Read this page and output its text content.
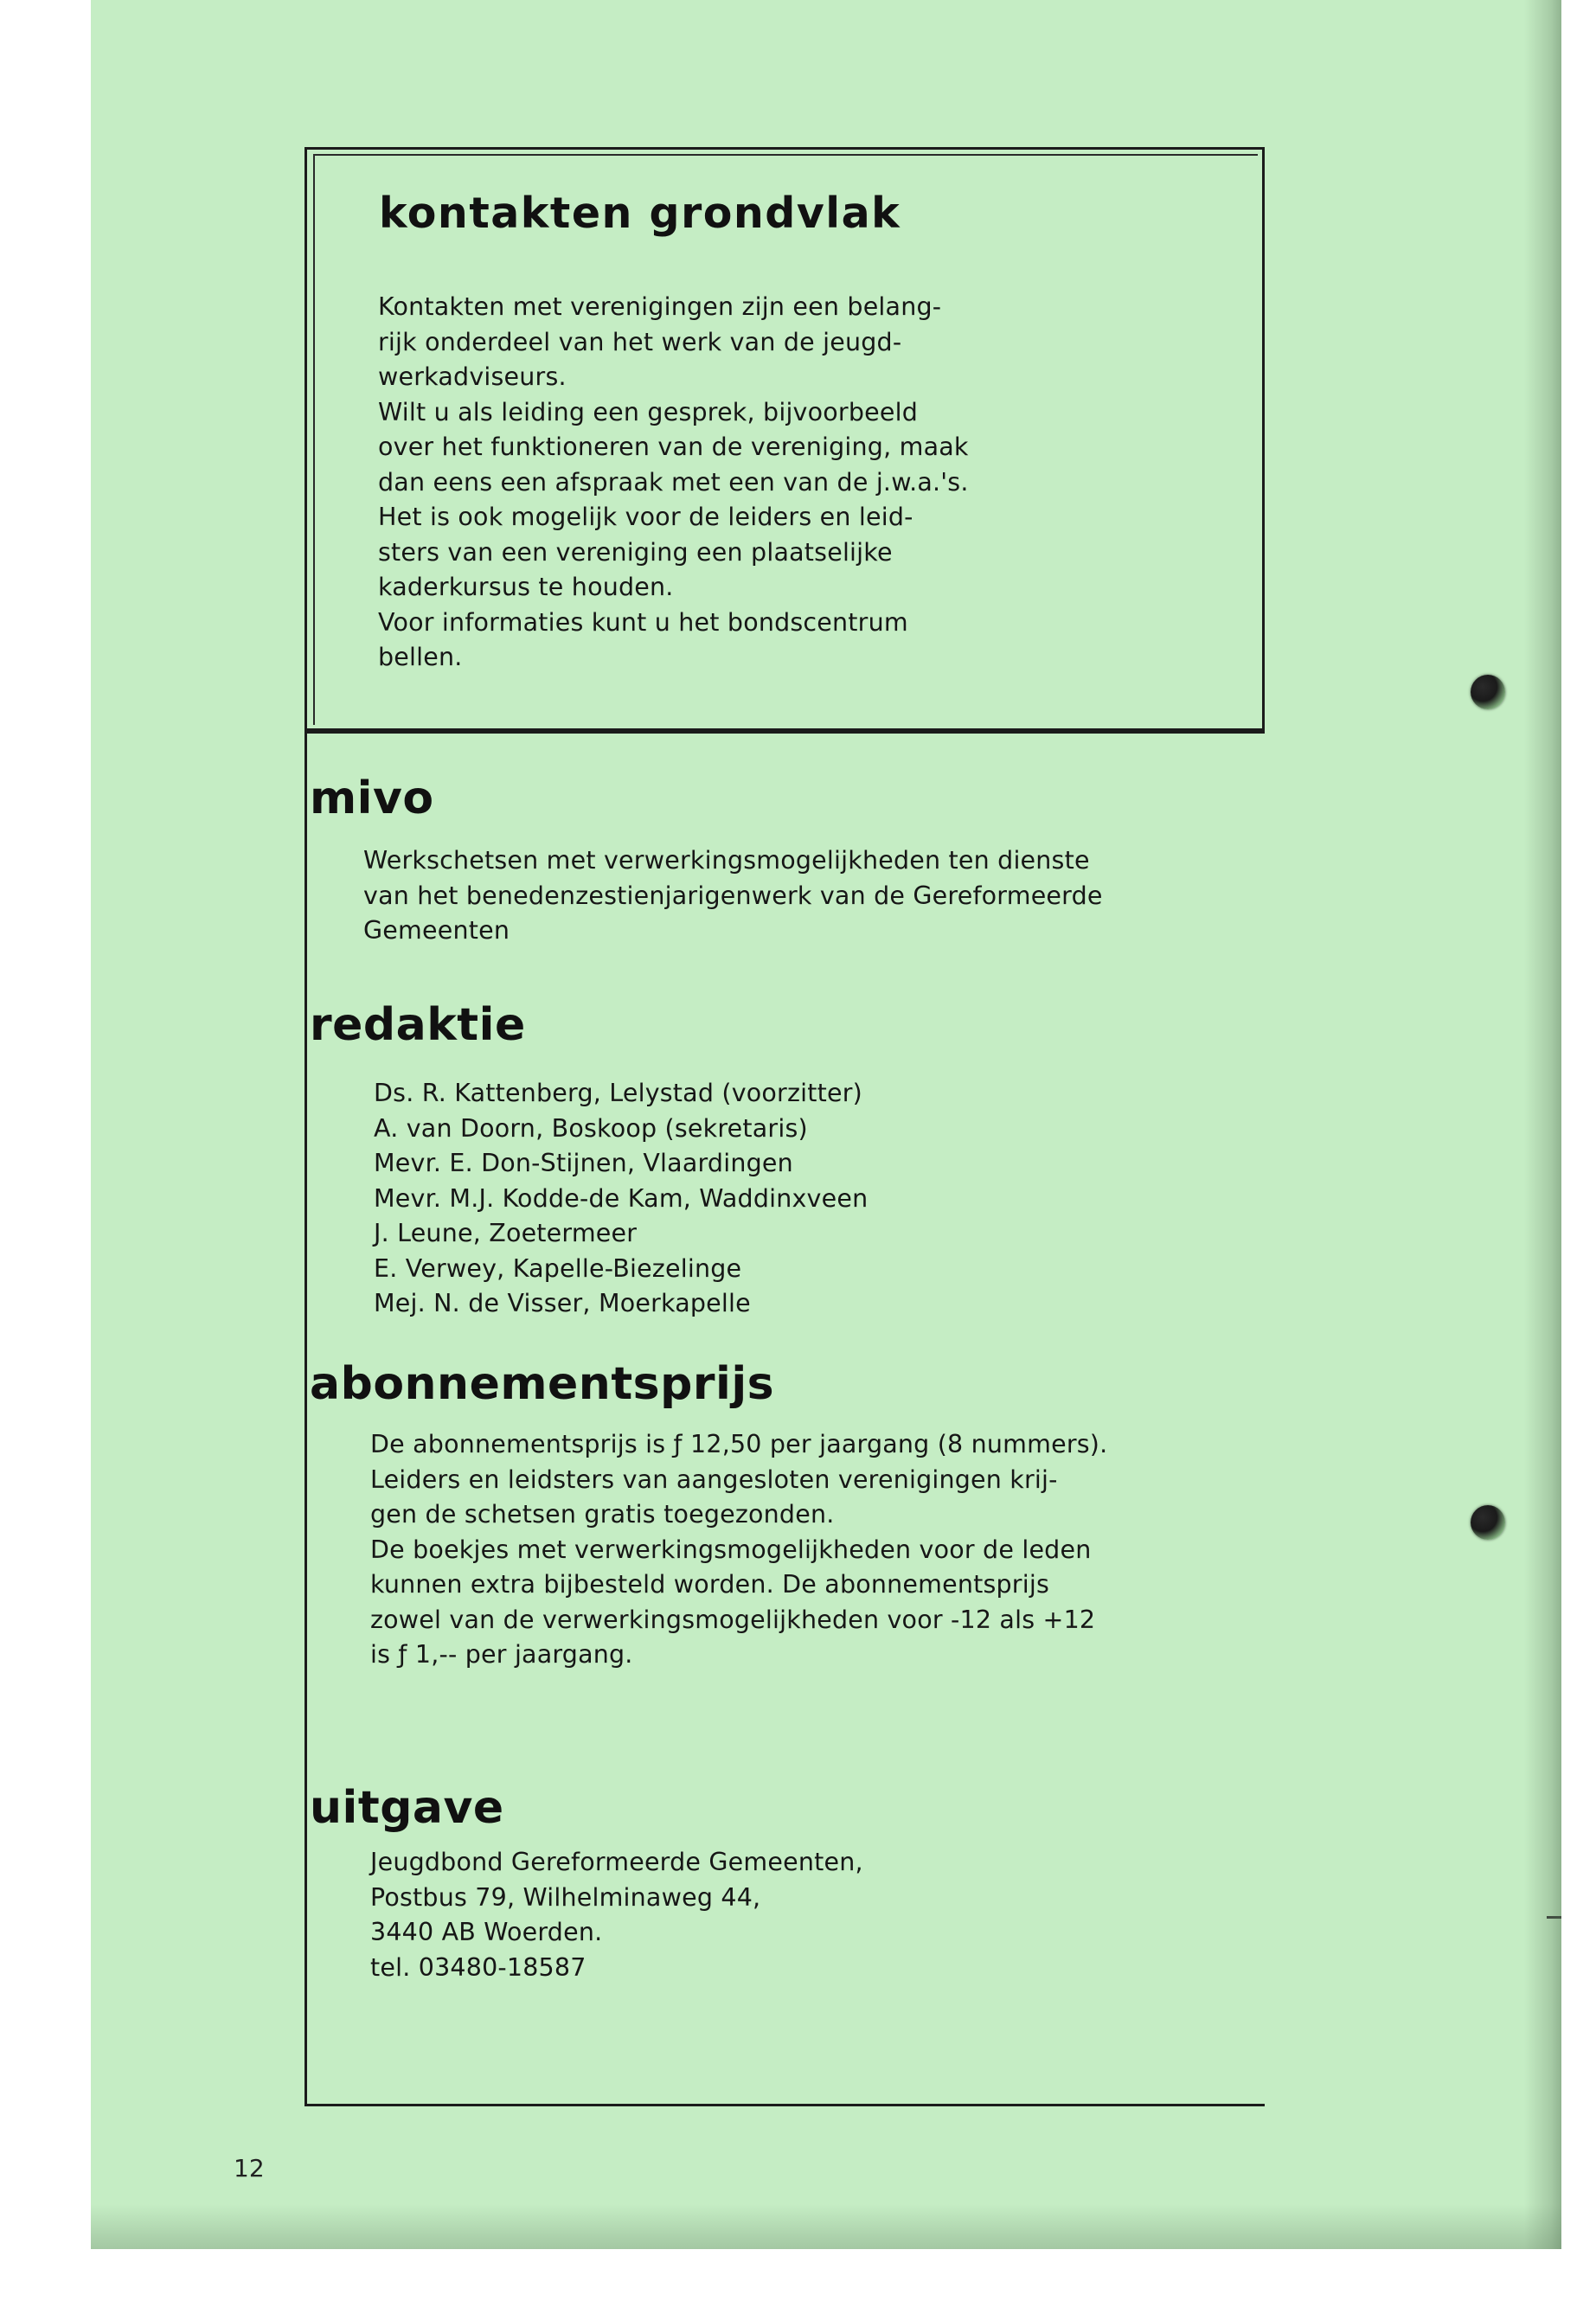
kontakten grondvlak

Kontakten met verenigingen zijn een belang-

rijk onderdeel van het werk van de jeugd-

werkadviseurs.

Wilt u als leiding een gesprek, bijvoorbeeld

over het funktioneren van de vereniging, maak

dan eens een afspraak met een van de j.w.a.'s.

Het is ook mogelijk voor de leiders en leid-

sters van een vereniging een plaatselijke

kaderkursus te houden.

Voor informaties kunt u het bondscentrum

bellen.

mivo

Werkschetsen met verwerkingsmogelijkheden ten dienste

van het benedenzestienjarigenwerk van de Gereformeerde

Gemeenten

redaktie
Ds. R. Kattenberg, Lelystad (voorzitter)
A. van Doorn, Boskoop (sekretaris)
Mevr. E. Don-Stijnen, Vlaardingen
Mevr. M.J. Kodde-de Kam, Waddinxveen
J. Leune, Zoetermeer
E. Verwey, Kapelle-Biezelinge
Mej. N. de Visser, Moerkapelle
abonnementsprijs

De abonnementsprijs is ƒ 12,50 per jaargang (8 nummers).

Leiders en leidsters van aangesloten verenigingen krij-

gen de schetsen gratis toegezonden.

De boekjes met verwerkingsmogelijkheden voor de leden

kunnen extra bijbesteld worden. De abonnementsprijs

zowel van de verwerkingsmogelijkheden voor -12 als +12

is ƒ 1,-- per jaargang.

uitgave

Jeugdbond Gereformeerde Gemeenten,

Postbus 79, Wilhelminaweg 44,

3440 AB Woerden.

tel. 03480-18587

12
